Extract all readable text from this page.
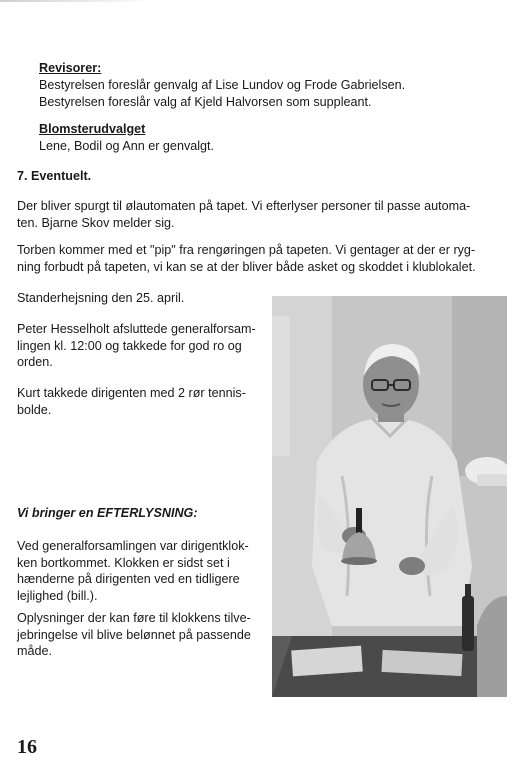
Revisorer:
Bestyrelsen foreslår genvalg af Lise Lundov og Frode Gabrielsen.
Bestyrelsen foreslår valg af Kjeld Halvorsen som suppleant.
Blomsterudvalget
Lene, Bodil og Ann er genvalgt.
7. Eventuelt.
Der bliver spurgt til ølautomaten på tapet. Vi efterlyser personer til passe automa-
ten. Bjarne Skov melder sig.
Torben kommer med et "pip" fra rengøringen på tapeten. Vi gentager at der er ryg-
ning forbudt på tapeten, vi kan se at der bliver både asket og skoddet i klublokalet.
Standerhejsning den 25. april.
Peter Hesselholt afsluttede generalforsam-
lingen kl. 12:00 og takkede for god ro og
orden.
Kurt takkede dirigenten med 2 rør tennis-
bolde.
Vi bringer en EFTERLYSNING:
Ved generalforsamlingen var dirigentklok-
ken bortkommet. Klokken er sidst set i
hænderne på dirigenten ved en tidligere
lejlighed (bill.).
Oplysninger der kan føre til klokkens tilve-
jebringelse vil blive belønnet på passende
måde.
16
